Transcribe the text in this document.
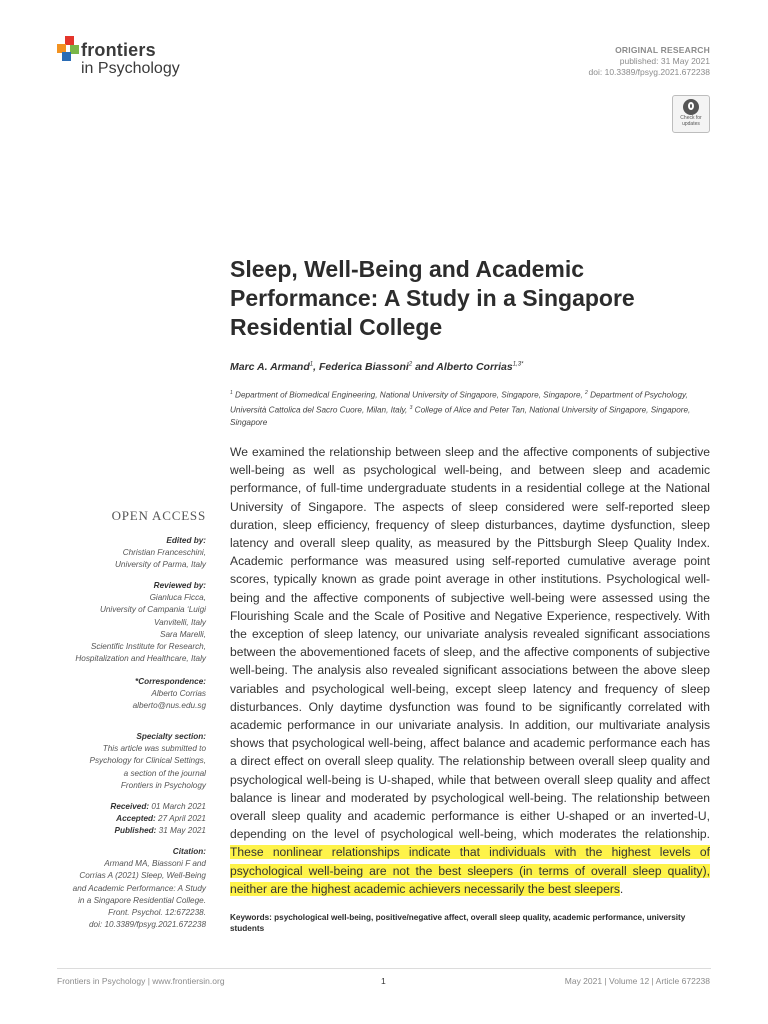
frontiers
in Psychology
ORIGINAL RESEARCH
published: 31 May 2021
doi: 10.3389/fpsyg.2021.672238
Check for
updates
Sleep, Well-Being and Academic Performance: A Study in a Singapore Residential College
Marc A. Armand$^1$, Federica Biassoni$^2$ and Alberto Corrias$^{1,3*}$
$^1$ Department of Biomedical Engineering, National University of Singapore, Singapore, Singapore, $^2$ Department of Psychology, Università Cattolica del Sacro Cuore, Milan, Italy, $^3$ College of Alice and Peter Tan, National University of Singapore, Singapore, Singapore
We examined the relationship between sleep and the affective components of subjective well-being as well as psychological well-being, and between sleep and academic performance, of full-time undergraduate students in a residential college at the National University of Singapore. The aspects of sleep considered were self-reported sleep duration, sleep efficiency, frequency of sleep disturbances, daytime dysfunction, sleep latency and overall sleep quality, as measured by the Pittsburgh Sleep Quality Index. Academic performance was measured using self-reported cumulative average point scores, typically known as grade point average in other institutions. Psychological well-being and the affective components of subjective well-being were assessed using the Flourishing Scale and the Scale of Positive and Negative Experience, respectively. With the exception of sleep latency, our univariate analysis revealed significant associations between the abovementioned facets of sleep, and the affective components of subjective well-being. The analysis also revealed significant associations between the above sleep variables and psychological well-being, except sleep latency and frequency of sleep disturbances. Only daytime dysfunction was found to be significantly correlated with academic performance in our univariate analysis. In addition, our multivariate analysis shows that psychological well-being, affect balance and academic performance each has a direct effect on overall sleep quality. The relationship between overall sleep quality and psychological well-being is U-shaped, while that between overall sleep quality and affect balance is linear and moderated by psychological well-being. The relationship between overall sleep quality and academic performance is either U-shaped or an inverted-U, depending on the level of psychological well-being, which moderates the relationship. These nonlinear relationships indicate that individuals with the highest levels of psychological well-being are not the best sleepers (in terms of overall sleep quality), neither are the highest academic achievers necessarily the best sleepers.
Keywords: psychological well-being, positive/negative affect, overall sleep quality, academic performance, university students
OPEN ACCESS
Edited by:
Christian Franceschini,
University of Parma, Italy
Reviewed by:
Gianluca Ficca,
University of Campania ‘Luigi
Vanvitelli, Italy
Sara Marelli,
Scientific Institute for Research,
Hospitalization and Healthcare, Italy
*Correspondence:
Alberto Corrias
alberto@nus.edu.sg
Specialty section:
This article was submitted to
Psychology for Clinical Settings,
a section of the journal
Frontiers in Psychology
Received: 01 March 2021
Accepted: 27 April 2021
Published: 31 May 2021
Citation:
Armand MA, Biassoni F and
Corrias A (2021) Sleep, Well-Being
and Academic Performance: A Study
in a Singapore Residential College.
Front. Psychol. 12:672238.
doi: 10.3389/fpsyg.2021.672238
Frontiers in Psychology | www.frontiersin.org	1	May 2021 | Volume 12 | Article 672238
